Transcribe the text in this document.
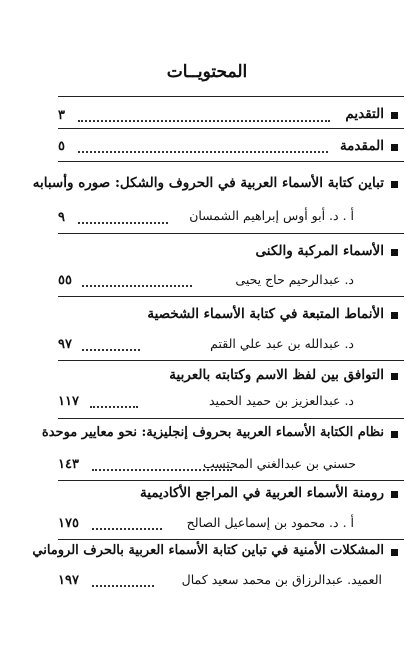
المحتويــات
التقديم
٣
المقدمة
٥
تباين كتابة الأسماء العربية في الحروف والشكل: صوره وأسبابه
أ . د. أبو أوس إبراهيم الشمسان
٩
الأسماء المركبة والكنى
د. عبدالرحيم حاج يحيى
٥٥
الأنماط المتبعة في كتابة الأسماء الشخصية
د. عبدالله بن عبد علي القتم
٩٧
التوافق بين لفظ الاسم وكتابته بالعربية
د. عبدالعزيز بن حميد الحميد
١١٧
نظام الكتابة الأسماء العربية بحروف إنجليزية: نحو معايير موحدة
حسني بن عبدالغني المحتسب
١٤٣
رومنة الأسماء العربية في المراجع الأكاديمية
أ . د. محمود بن إسماعيل الصالح
١٧٥
المشكلات الأمنية في تباين كتابة الأسماء العربية بالحرف الروماني
العميد. عبدالرزاق بن محمد سعيد كمال
١٩٧
